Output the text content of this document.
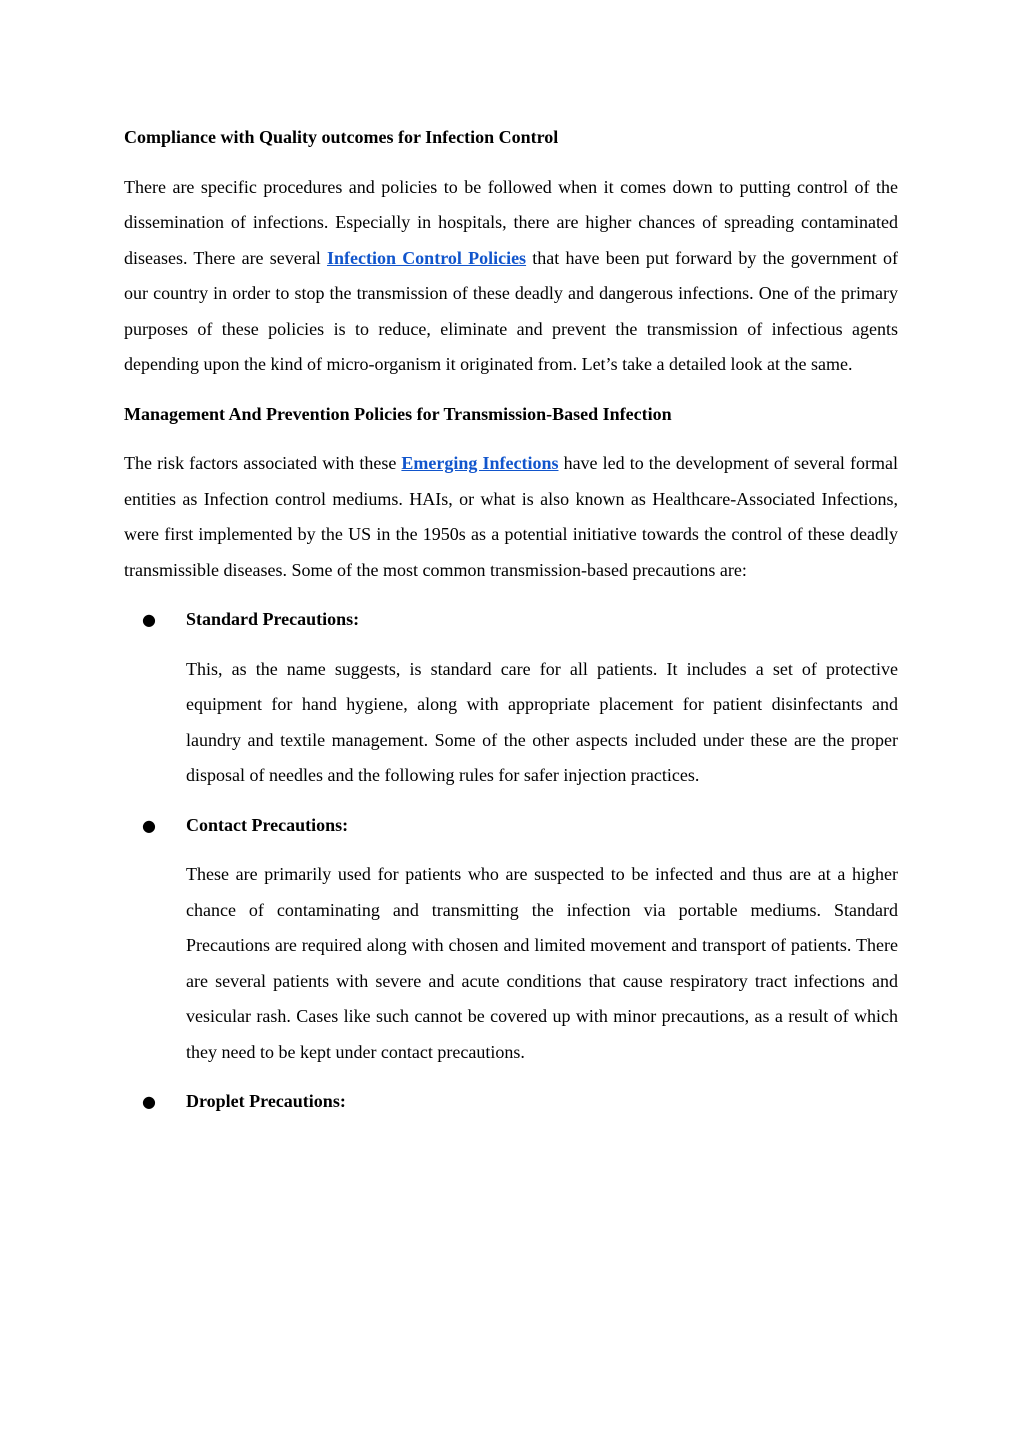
Compliance with Quality outcomes for Infection Control

There are specific procedures and policies to be followed when it comes down to putting control of the dissemination of infections. Especially in hospitals, there are higher chances of spreading contaminated diseases. There are several Infection Control Policies that have been put forward by the government of our country in order to stop the transmission of these deadly and dangerous infections. One of the primary purposes of these policies is to reduce, eliminate and prevent the transmission of infectious agents depending upon the kind of micro-organism it originated from. Let’s take a detailed look at the same.

Management And Prevention Policies for Transmission-Based Infection

The risk factors associated with these Emerging Infections have led to the development of several formal entities as Infection control mediums. HAIs, or what is also known as Healthcare-Associated Infections, were first implemented by the US in the 1950s as a potential initiative towards the control of these deadly transmissible diseases. Some of the most common transmission-based precautions are:

● Standard Precautions:

This, as the name suggests, is standard care for all patients. It includes a set of protective equipment for hand hygiene, along with appropriate placement for patient disinfectants and laundry and textile management. Some of the other aspects included under these are the proper disposal of needles and the following rules for safer injection practices.

● Contact Precautions:

These are primarily used for patients who are suspected to be infected and thus are at a higher chance of contaminating and transmitting the infection via portable mediums. Standard Precautions are required along with chosen and limited movement and transport of patients. There are several patients with severe and acute conditions that cause respiratory tract infections and vesicular rash. Cases like such cannot be covered up with minor precautions, as a result of which they need to be kept under contact precautions.

● Droplet Precautions:
